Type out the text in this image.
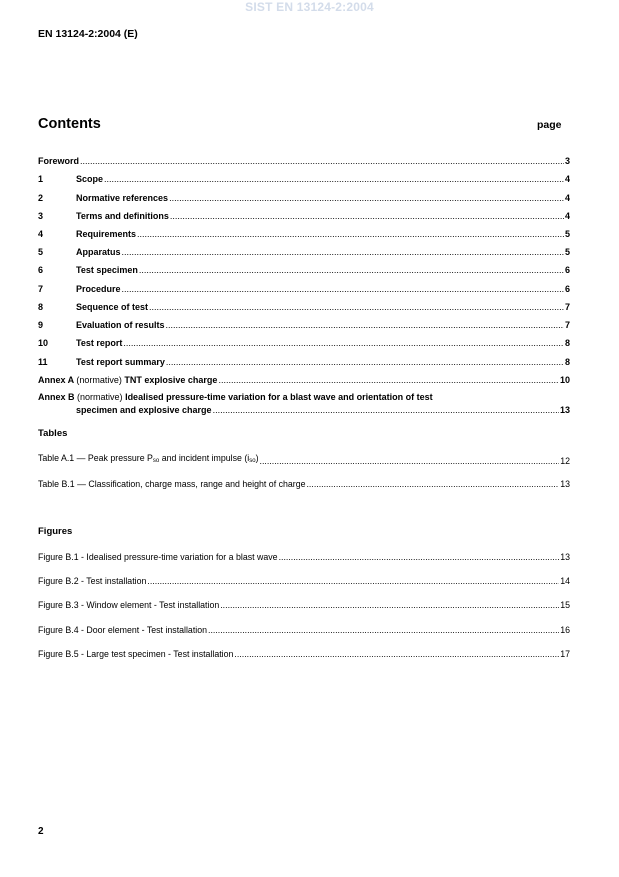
SIST EN 13124-2:2004
EN 13124-2:2004 (E)
Contents	page
Foreword .....	3
1	Scope .....	4
2	Normative references .....	4
3	Terms and definitions .....	4
4	Requirements .....	5
5	Apparatus .....	5
6	Test specimen .....	6
7	Procedure .....	6
8	Sequence of test .....	7
9	Evaluation of results .....	7
10	Test report .....	8
11	Test report summary .....	8
Annex A (normative) TNT explosive charge .....	10
Annex B (normative) Idealised pressure-time variation for a blast wave and orientation of test
specimen and explosive charge .....	13
Tables
Table A.1 — Peak pressure $P_{so}$ and incident impulse $(i_{so})$ .....	12
Table B.1 — Classification, charge mass, range and height of charge .....	13
Figures
Figure B.1 - Idealised pressure-time variation for a blast wave .....	13
Figure B.2 - Test installation .....	14
Figure B.3 - Window element - Test installation .....	15
Figure B.4 - Door element - Test installation .....	16
Figure B.5 - Large test specimen - Test installation .....	17
2
